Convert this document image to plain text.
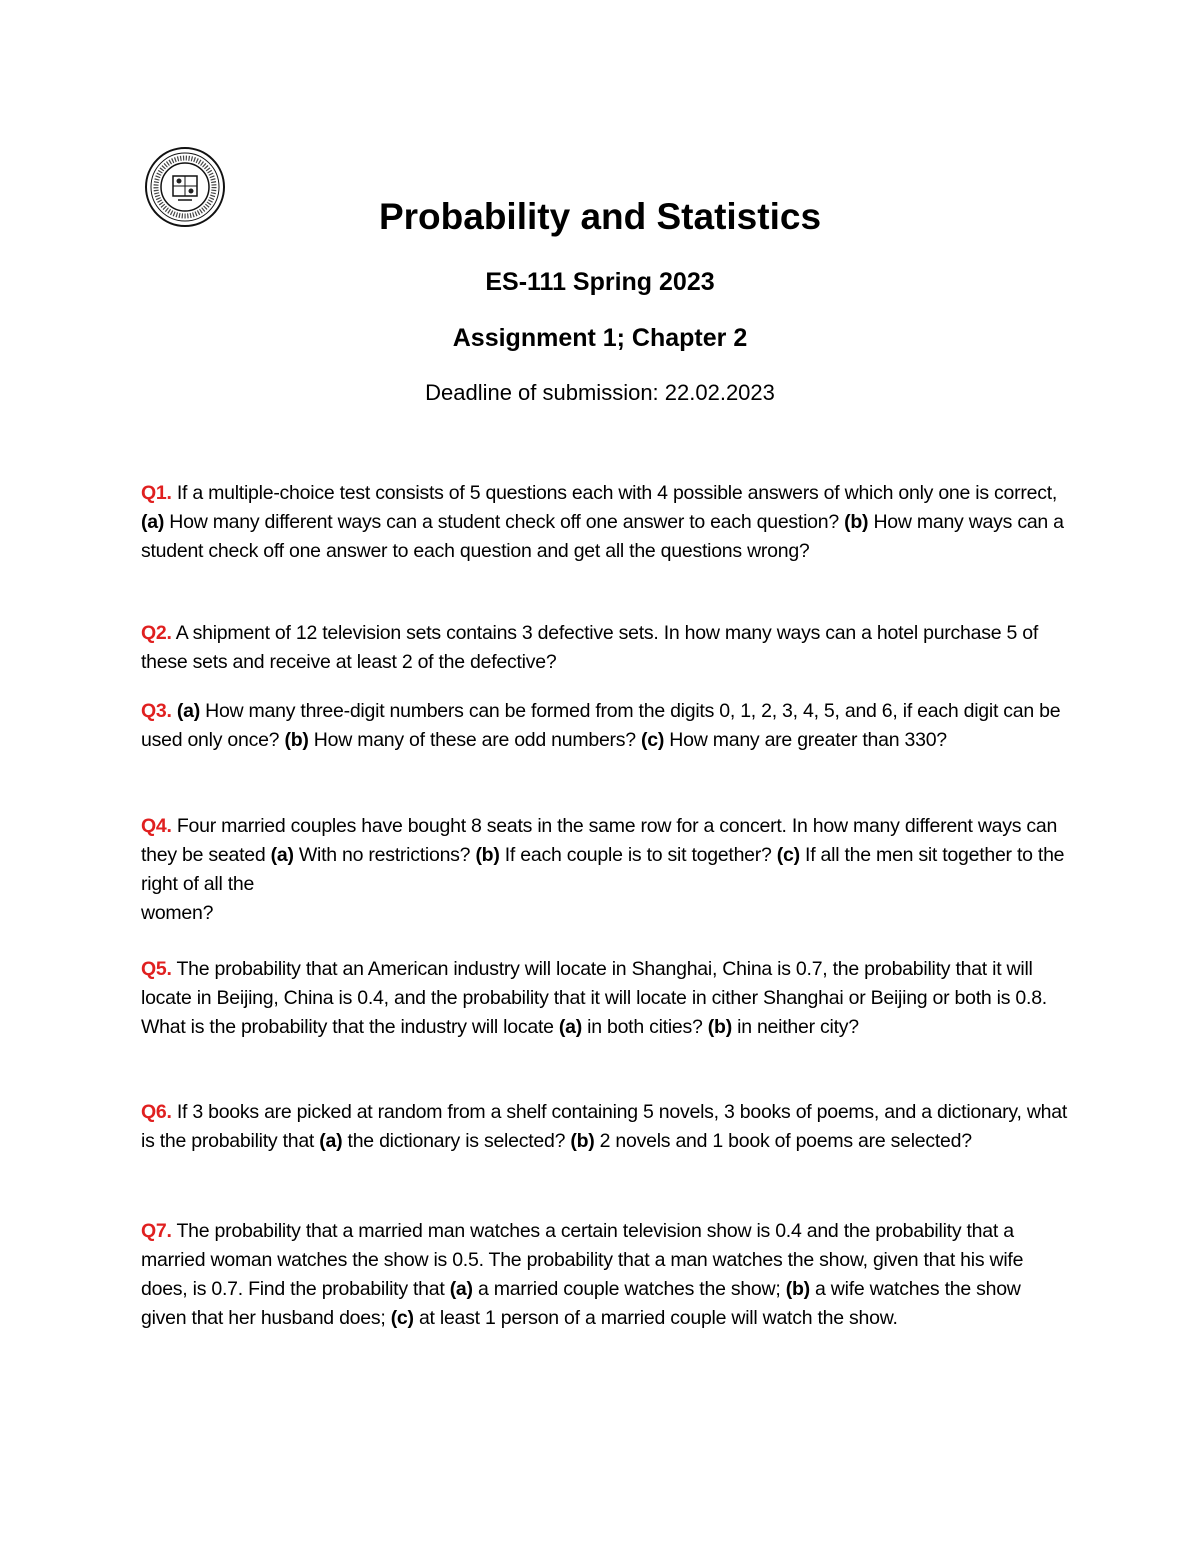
Probability and Statistics
ES-111 Spring 2023
Assignment 1; Chapter 2
Deadline of submission: 22.02.2023

Q1. If a multiple-choice test consists of 5 questions each with 4 possible answers of which only one is correct, (a) How many different ways can a student check off one answer to each question? (b) How many ways can a student check off one answer to each question and get all the questions wrong?

Q2. A shipment of 12 television sets contains 3 defective sets. In how many ways can a hotel purchase 5 of these sets and receive at least 2 of the defective?

Q3. (a) How many three-digit numbers can be formed from the digits 0, 1, 2, 3, 4, 5, and 6, if each digit can be used only once? (b) How many of these are odd numbers? (c) How many are greater than 330?

Q4. Four married couples have bought 8 seats in the same row for a concert. In how many different ways can they be seated (a) With no restrictions? (b) If each couple is to sit together? (c) If all the men sit together to the right of all the
women?

Q5. The probability that an American industry will locate in Shanghai, China is 0.7, the probability that it will locate in Beijing, China is 0.4, and the probability that it will locate in cither Shanghai or Beijing or both is 0.8. What is the probability that the industry will locate (a) in both cities? (b) in neither city?

Q6. If 3 books are picked at random from a shelf containing 5 novels, 3 books of poems, and a dictionary, what is the probability that (a) the dictionary is selected? (b) 2 novels and 1 book of poems are selected?

Q7. The probability that a married man watches a certain television show is 0.4 and the probability that a married woman watches the show is 0.5. The probability that a man watches the show, given that his wife does, is 0.7. Find the probability that (a) a married couple watches the show; (b) a wife watches the show given that her husband does; (c) at least 1 person of a married couple will watch the show.
